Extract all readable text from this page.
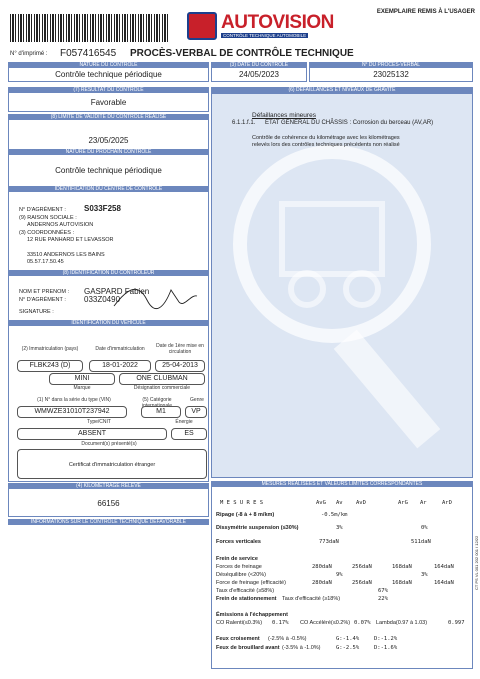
AUTOVISION
CONTRÔLE TECHNIQUE AUTOMOBILE
EXEMPLAIRE REMIS À L'USAGER
N° d'imprimé : F057416545 PROCÈS-VERBAL DE CONTRÔLE TECHNIQUE
NATURE DU CONTRÔLE
Contrôle technique périodique
(3) DATE DU CONTRÔLE
24/05/2023
N° DU PROCÈS-VERBAL
23025132
(7) RÉSULTAT DU CONTRÔLE
Favorable
(8) LIMITE DE VALIDITÉ DU CONTRÔLE RÉALISÉ
23/05/2025
NATURE DU PROCHAIN CONTRÔLE
Contrôle technique périodique
(6) DÉFAILLANCES ET NIVEAUX DE GRAVITÉ
Défaillances mineures
6.1.1.f.1. ÉTAT GÉNÉRAL DU CHÂSSIS : Corrosion du berceau (AV,AR)
Contrôle de cohérence du kilométrage avec les kilométrages
relevés lors des contrôles techniques précédents non réalisé
IDENTIFICATION DU CENTRE DE CONTRÔLE
N° D'AGRÉMENT : S033F258
(9) RAISON SOCIALE :
ANDERNOS AUTOVISION
(3) COORDONNÉES :
12 RUE PANHARD ET LEVASSOR
33510 ANDERNOS LES BAINS
05.57.17.50.45
(8) IDENTIFICATION DU CONTRÔLEUR
NOM ET PRENOM : GASPARD Fabien
N° D'AGRÉMENT : 033Z0490
SIGNATURE :
IDENTIFICATION DU VÉHICULE
(2) Immatriculation (pays)	Date d'immatriculation	Date de 1ère mise en circulation
FLBK243 (D)	18-01-2022	25-04-2013
MINI	ONE CLUBMAN
Marque	Désignation commerciale
(1) N° dans la série du type (VIN)	(5) Catégorie internationale
Genre
WMWZE31010T237942	M1	VP
Type/CNIT	Énergie
ABSENT	ES
Document(s) présenté(s)
Certificat d'immatriculation étranger
(4) KILOMÉTRAGE RELEVÉ
66156
INFORMATIONS SUR LE CONTRÔLE TECHNIQUE DÉFAVORABLE
MESURES RÉALISÉES ET VALEURS LIMITES CORRESPONDANTES
M E S U R E S	AvG Av AvD	ArG Ar	ArD
Ripage (-8 à + 8 m/km)	-0.5m/km
Dissymétrie suspension (≤30%)	3%	0%
Forces verticales	773daN	511daN
Frein de service
Forces de freinage	280daN	256daN	168daN	164daN
Déséquilibre (<20%)	9%	3%
Force de freinage (efficacité)	280daN	256daN	168daN	164daN
Taux d'efficacité (≥58%)	67%
Frein de stationnement Taux d'efficacité (≥18%)	22%
Émissions à l'échappement
CO Ralenti(≤0.3%) 0.17% CO Accéléré(≤0.2%) 0.07% Lambda(0.97 à 1.03)	0.997
Feux croisement (-2.5% à -0.5%)	G:-1.4%	D:-1.2%
Feux de brouillard avant (-3.5% à -1.0%)	G:-2.5%	D:-1.6%
CT PS VL 001 202 001 / 12/22
